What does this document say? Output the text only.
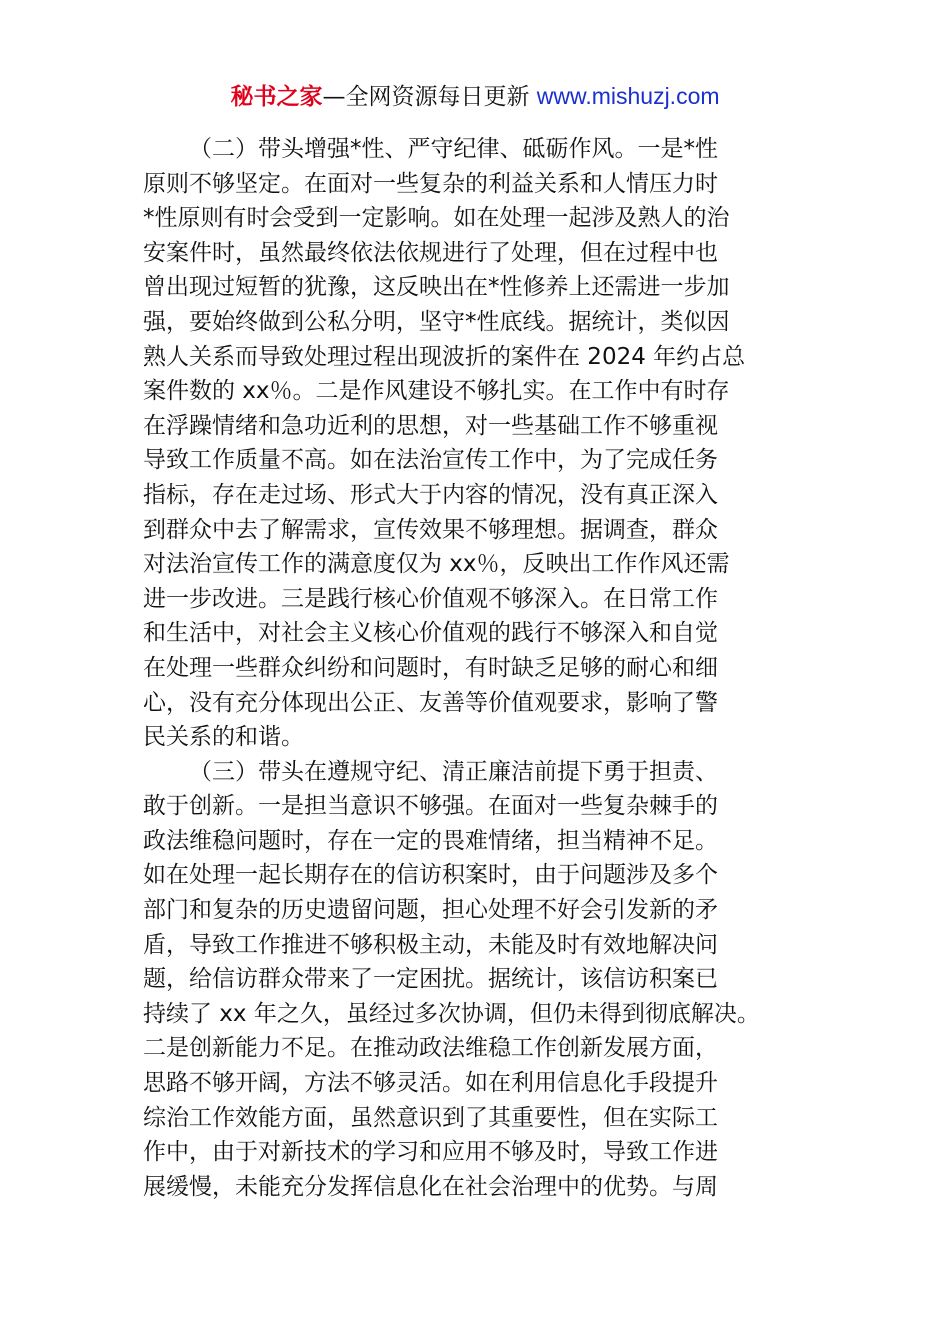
秘书之家—全网资源每日更新 www.mishuzj.com

（二）带头增强*性、严守纪律、砥砺作风。一是*性
原则不够坚定。在面对一些复杂的利益关系和人情压力时
*性原则有时会受到一定影响。如在处理一起涉及熟人的治
安案件时，虽然最终依法依规进行了处理，但在过程中也
曾出现过短暂的犹豫，这反映出在*性修养上还需进一步加
强，要始终做到公私分明，坚守*性底线。据统计，类似因
熟人关系而导致处理过程出现波折的案件在 2024 年约占总
案件数的 xx％。二是作风建设不够扎实。在工作中有时存
在浮躁情绪和急功近利的思想，对一些基础工作不够重视
导致工作质量不高。如在法治宣传工作中，为了完成任务
指标，存在走过场、形式大于内容的情况，没有真正深入
到群众中去了解需求，宣传效果不够理想。据调查，群众
对法治宣传工作的满意度仅为 xx％，反映出工作作风还需
进一步改进。三是践行核心价值观不够深入。在日常工作
和生活中，对社会主义核心价值观的践行不够深入和自觉
在处理一些群众纠纷和问题时，有时缺乏足够的耐心和细
心，没有充分体现出公正、友善等价值观要求，影响了警
民关系的和谐。

（三）带头在遵规守纪、清正廉洁前提下勇于担责、
敢于创新。一是担当意识不够强。在面对一些复杂棘手的
政法维稳问题时，存在一定的畏难情绪，担当精神不足。
如在处理一起长期存在的信访积案时，由于问题涉及多个
部门和复杂的历史遗留问题，担心处理不好会引发新的矛
盾，导致工作推进不够积极主动，未能及时有效地解决问
题，给信访群众带来了一定困扰。据统计，该信访积案已
持续了 xx 年之久，虽经过多次协调，但仍未得到彻底解决。
二是创新能力不足。在推动政法维稳工作创新发展方面，
思路不够开阔，方法不够灵活。如在利用信息化手段提升
综治工作效能方面，虽然意识到了其重要性，但在实际工
作中，由于对新技术的学习和应用不够及时，导致工作进
展缓慢，未能充分发挥信息化在社会治理中的优势。与周
